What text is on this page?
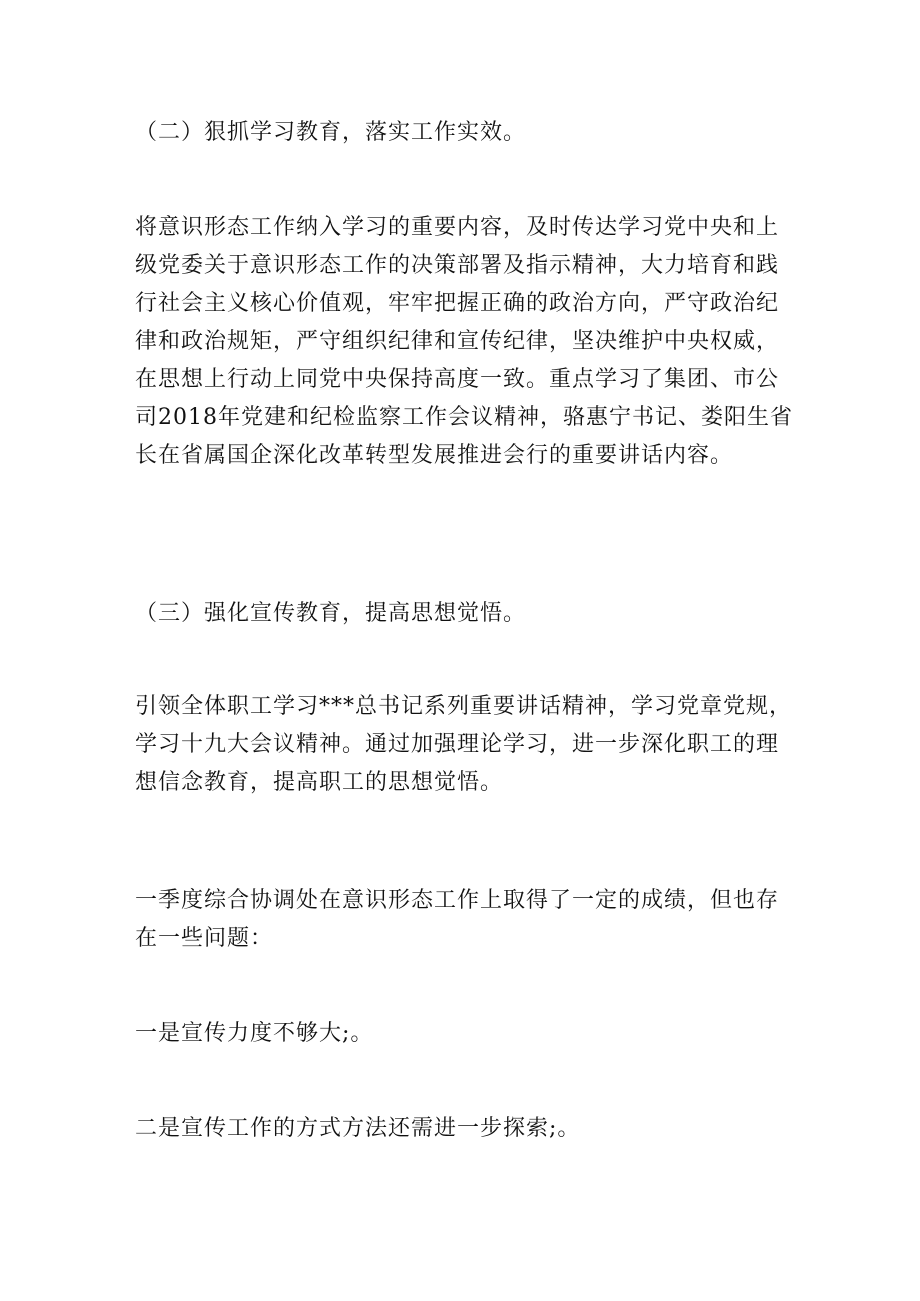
（二）狠抓学习教育，落实工作实效。

将意识形态工作纳入学习的重要内容，及时传达学习党中央和上级党委关于意识形态工作的决策部署及指示精神，大力培育和践行社会主义核心价值观，牢牢把握正确的政治方向，严守政治纪律和政治规矩，严守组织纪律和宣传纪律，坚决维护中央权威，在思想上行动上同党中央保持高度一致。重点学习了集团、市公司2018年党建和纪检监察工作会议精神，骆惠宁书记、娄阳生省长在省属国企深化改革转型发展推进会行的重要讲话内容。

（三）强化宣传教育，提高思想觉悟。

引领全体职工学习***总书记系列重要讲话精神，学习党章党规，学习十九大会议精神。通过加强理论学习，进一步深化职工的理想信念教育，提高职工的思想觉悟。

一季度综合协调处在意识形态工作上取得了一定的成绩，但也存在一些问题：

一是宣传力度不够大;。

二是宣传工作的方式方法还需进一步探索;。
